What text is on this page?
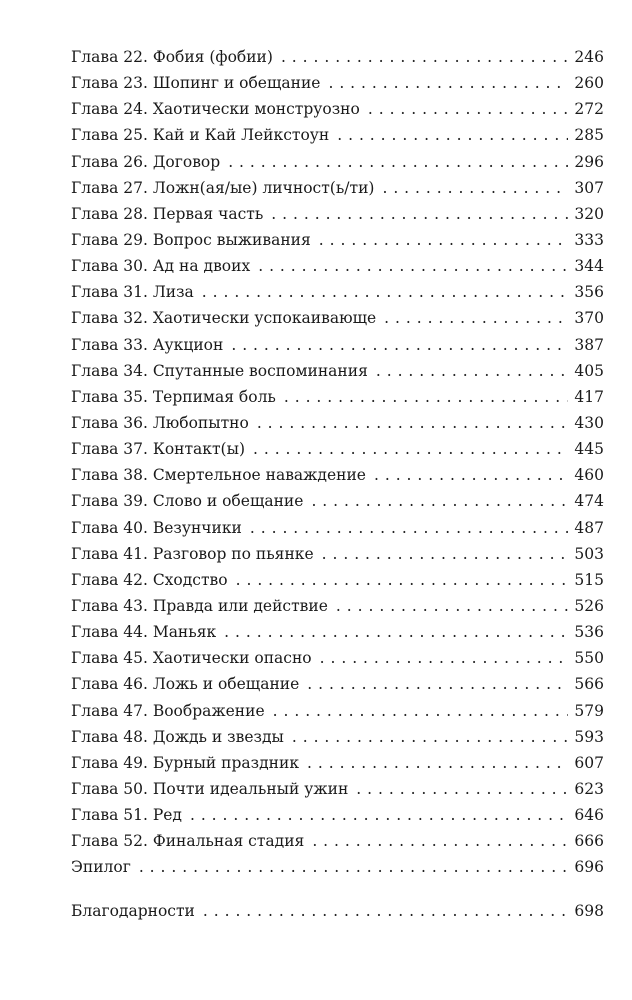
Глава 22. Фобия (фобии) . . .	246
Глава 23. Шопинг и обещание . . .	260
Глава 24. Хаотически монструозно . . .	272
Глава 25. Кай и Кай Лейкстоун . . .	285
Глава 26. Договор . . .	296
Глава 27. Ложн(ая/ые) личност(ь/ти) . . .	307
Глава 28. Первая часть . . .	320
Глава 29. Вопрос выживания . . .	333
Глава 30. Ад на двоих . . .	344
Глава 31. Лиза . . .	356
Глава 32. Хаотически успокаивающе . . .	370
Глава 33. Аукцион . . .	387
Глава 34. Спутанные воспоминания . . .	405
Глава 35. Терпимая боль . . .	417
Глава 36. Любопытно . . .	430
Глава 37. Контакт(ы) . . .	445
Глава 38. Смертельное наваждение . . .	460
Глава 39. Слово и обещание . . .	474
Глава 40. Везунчики . . .	487
Глава 41. Разговор по пьянке . . .	503
Глава 42. Сходство . . .	515
Глава 43. Правда или действие . . .	526
Глава 44. Маньяк . . .	536
Глава 45. Хаотически опасно . . .	550
Глава 46. Ложь и обещание . . .	566
Глава 47. Воображение . . .	579
Глава 48. Дождь и звезды . . .	593
Глава 49. Бурный праздник . . .	607
Глава 50. Почти идеальный ужин . . .	623
Глава 51. Ред . . .	646
Глава 52. Финальная стадия . . .	666
Эпилог . . .	696
Благодарности . . .	698
